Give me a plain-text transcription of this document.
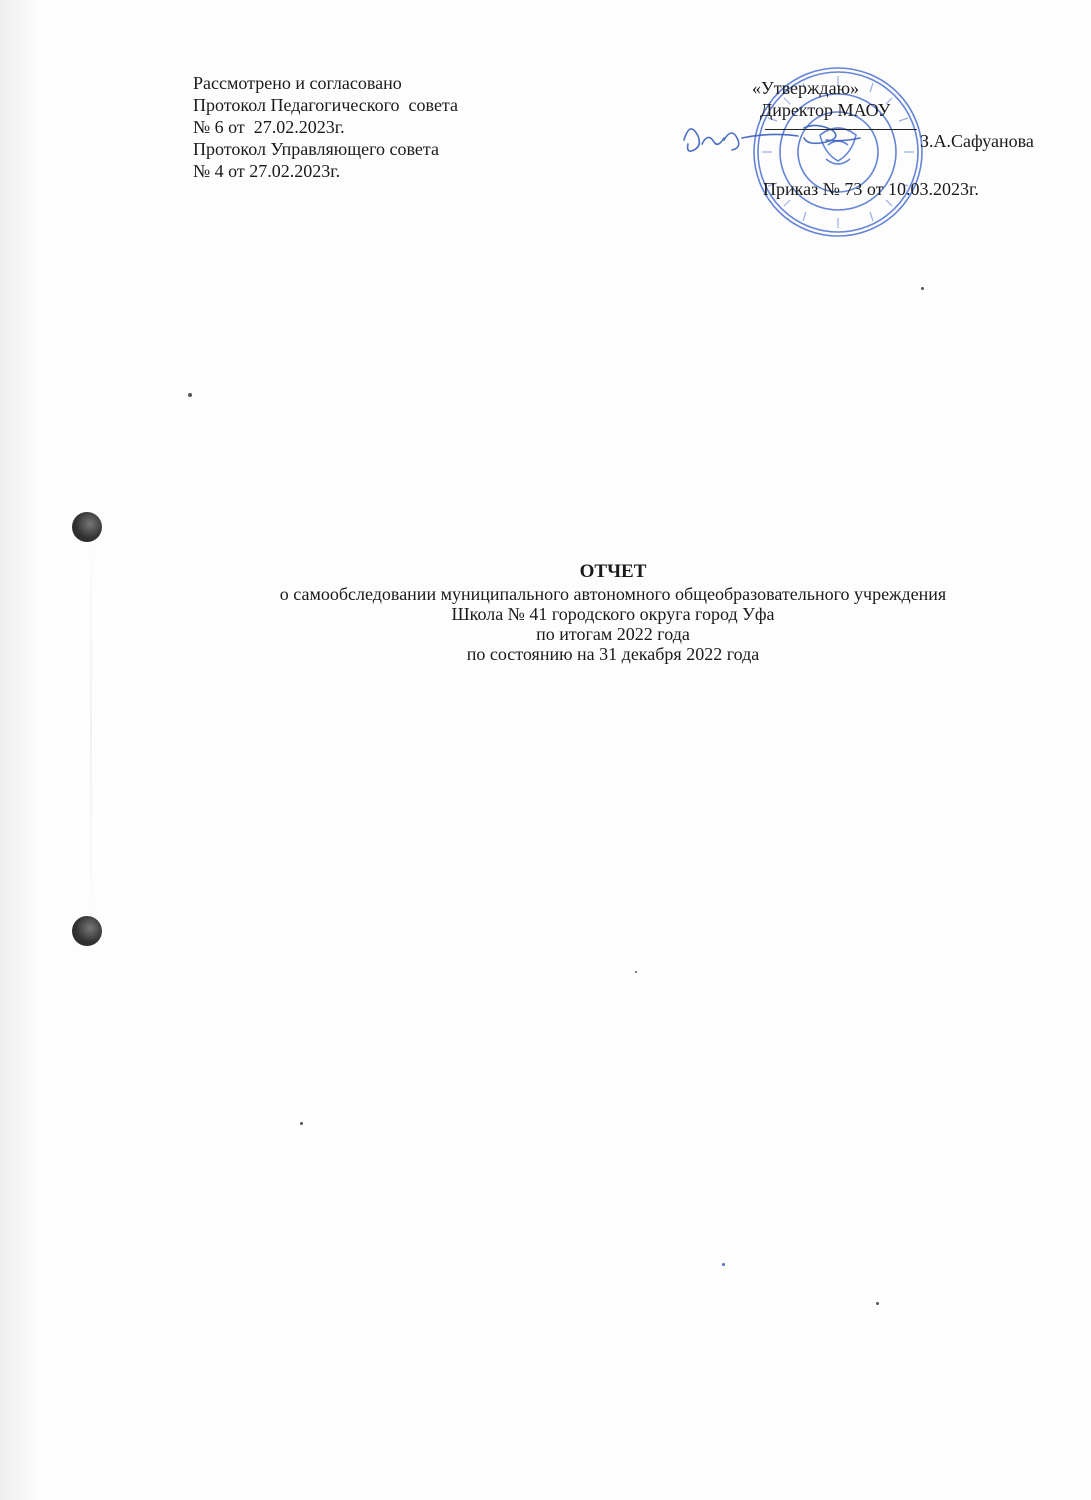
Рассмотрено и согласовано
Протокол Педагогического  совета
№ 6 от  27.02.2023г.
Протокол Управляющего совета
№ 4 от 27.02.2023г.
«Утверждаю»
Директор МАОУ
З.А.Сафуанова
Приказ № 73 от 10.03.2023г.
ОТЧЕТ
о самообследовании муниципального автономного общеобразовательного учреждения
Школа № 41 городского округа город Уфа
по итогам 2022 года
по состоянию на 31 декабря 2022 года
